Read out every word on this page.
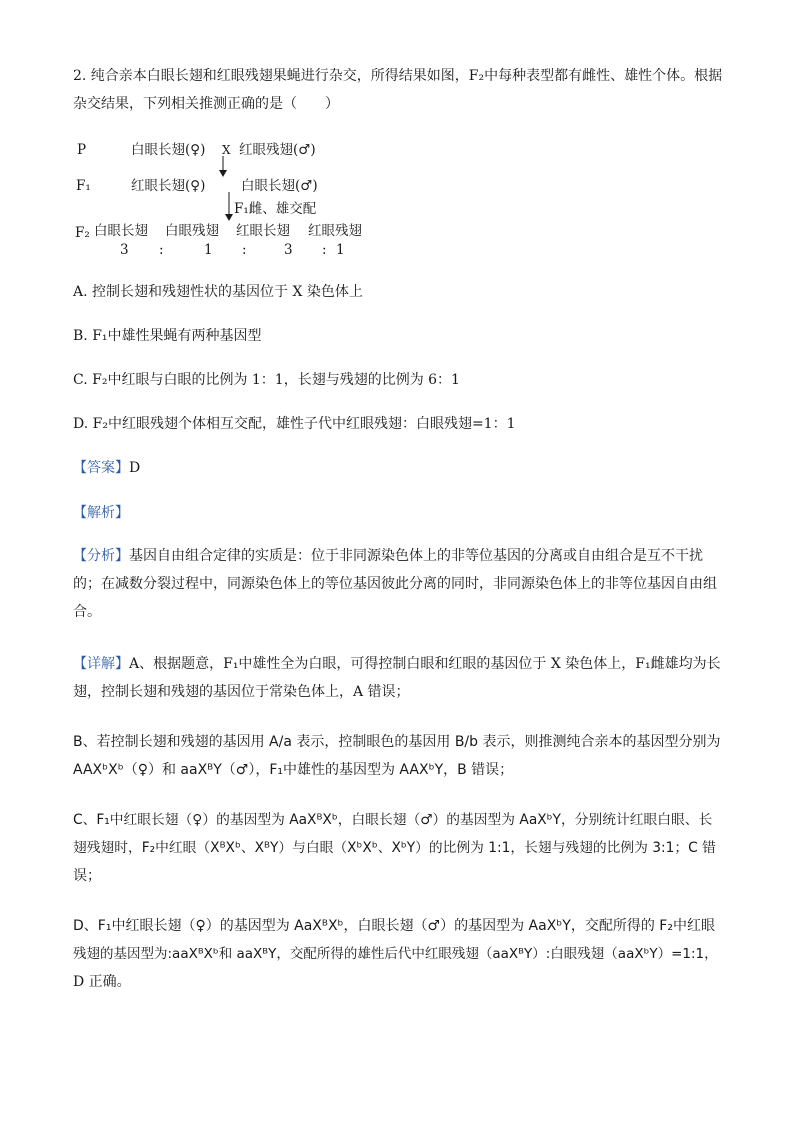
2. 纯合亲本白眼长翅和红眼残翅果蝇进行杂交，所得结果如图，F₂中每种表型都有雌性、雄性个体。根据
杂交结果，下列相关推测正确的是（　　）

P	白眼长翅(♀) X 红眼残翅(♂)
F₁	红眼长翅(♀)	白眼长翅(♂)
F₁雌、雄交配
F₂ 白眼长翅 白眼残翅 红眼长翅 红眼残翅
3 :	1 :	3 : 1

A. 控制长翅和残翅性状的基因位于 X 染色体上

B. F₁中雄性果蝇有两种基因型

C. F₂中红眼与白眼的比例为 1：1，长翅与残翅的比例为 6：1

D. F₂中红眼残翅个体相互交配，雄性子代中红眼残翅：白眼残翅=1：1

【答案】D
【解析】

【分析】基因自由组合定律的实质是：位于非同源染色体上的非等位基因的分离或自由组合是互不干扰
的；在减数分裂过程中，同源染色体上的等位基因彼此分离的同时，非同源染色体上的非等位基因自由组
合。

【详解】A、根据题意，F₁中雄性全为白眼，可得控制白眼和红眼的基因位于 X 染色体上，F₁雌雄均为长
翅，控制长翅和残翅的基因位于常染色体上，A 错误；

B、若控制长翅和残翅的基因用 A/a 表示，控制眼色的基因用 B/b 表示，则推测纯合亲本的基因型分别为
AAXᵇXᵇ（♀）和 aaXᴮY（♂），F₁中雄性的基因型为 AAXᵇY，B 错误；

C、F₁中红眼长翅（♀）的基因型为 AaXᴮXᵇ，白眼长翅（♂）的基因型为 AaXᵇY，分别统计红眼白眼、长
翅残翅时，F₂中红眼（XᴮXᵇ、XᴮY）与白眼（XᵇXᵇ、XᵇY）的比例为 1:1，长翅与残翅的比例为 3:1；C 错
误；

D、F₁中红眼长翅（♀）的基因型为 AaXᴮXᵇ，白眼长翅（♂）的基因型为 AaXᵇY，交配所得的 F₂中红眼
残翅的基因型为:aaXᴮXᵇ和 aaXᴮY，交配所得的雄性后代中红眼残翅（aaXᴮY）:白眼残翅（aaXᵇY）=1:1，
D 正确。
